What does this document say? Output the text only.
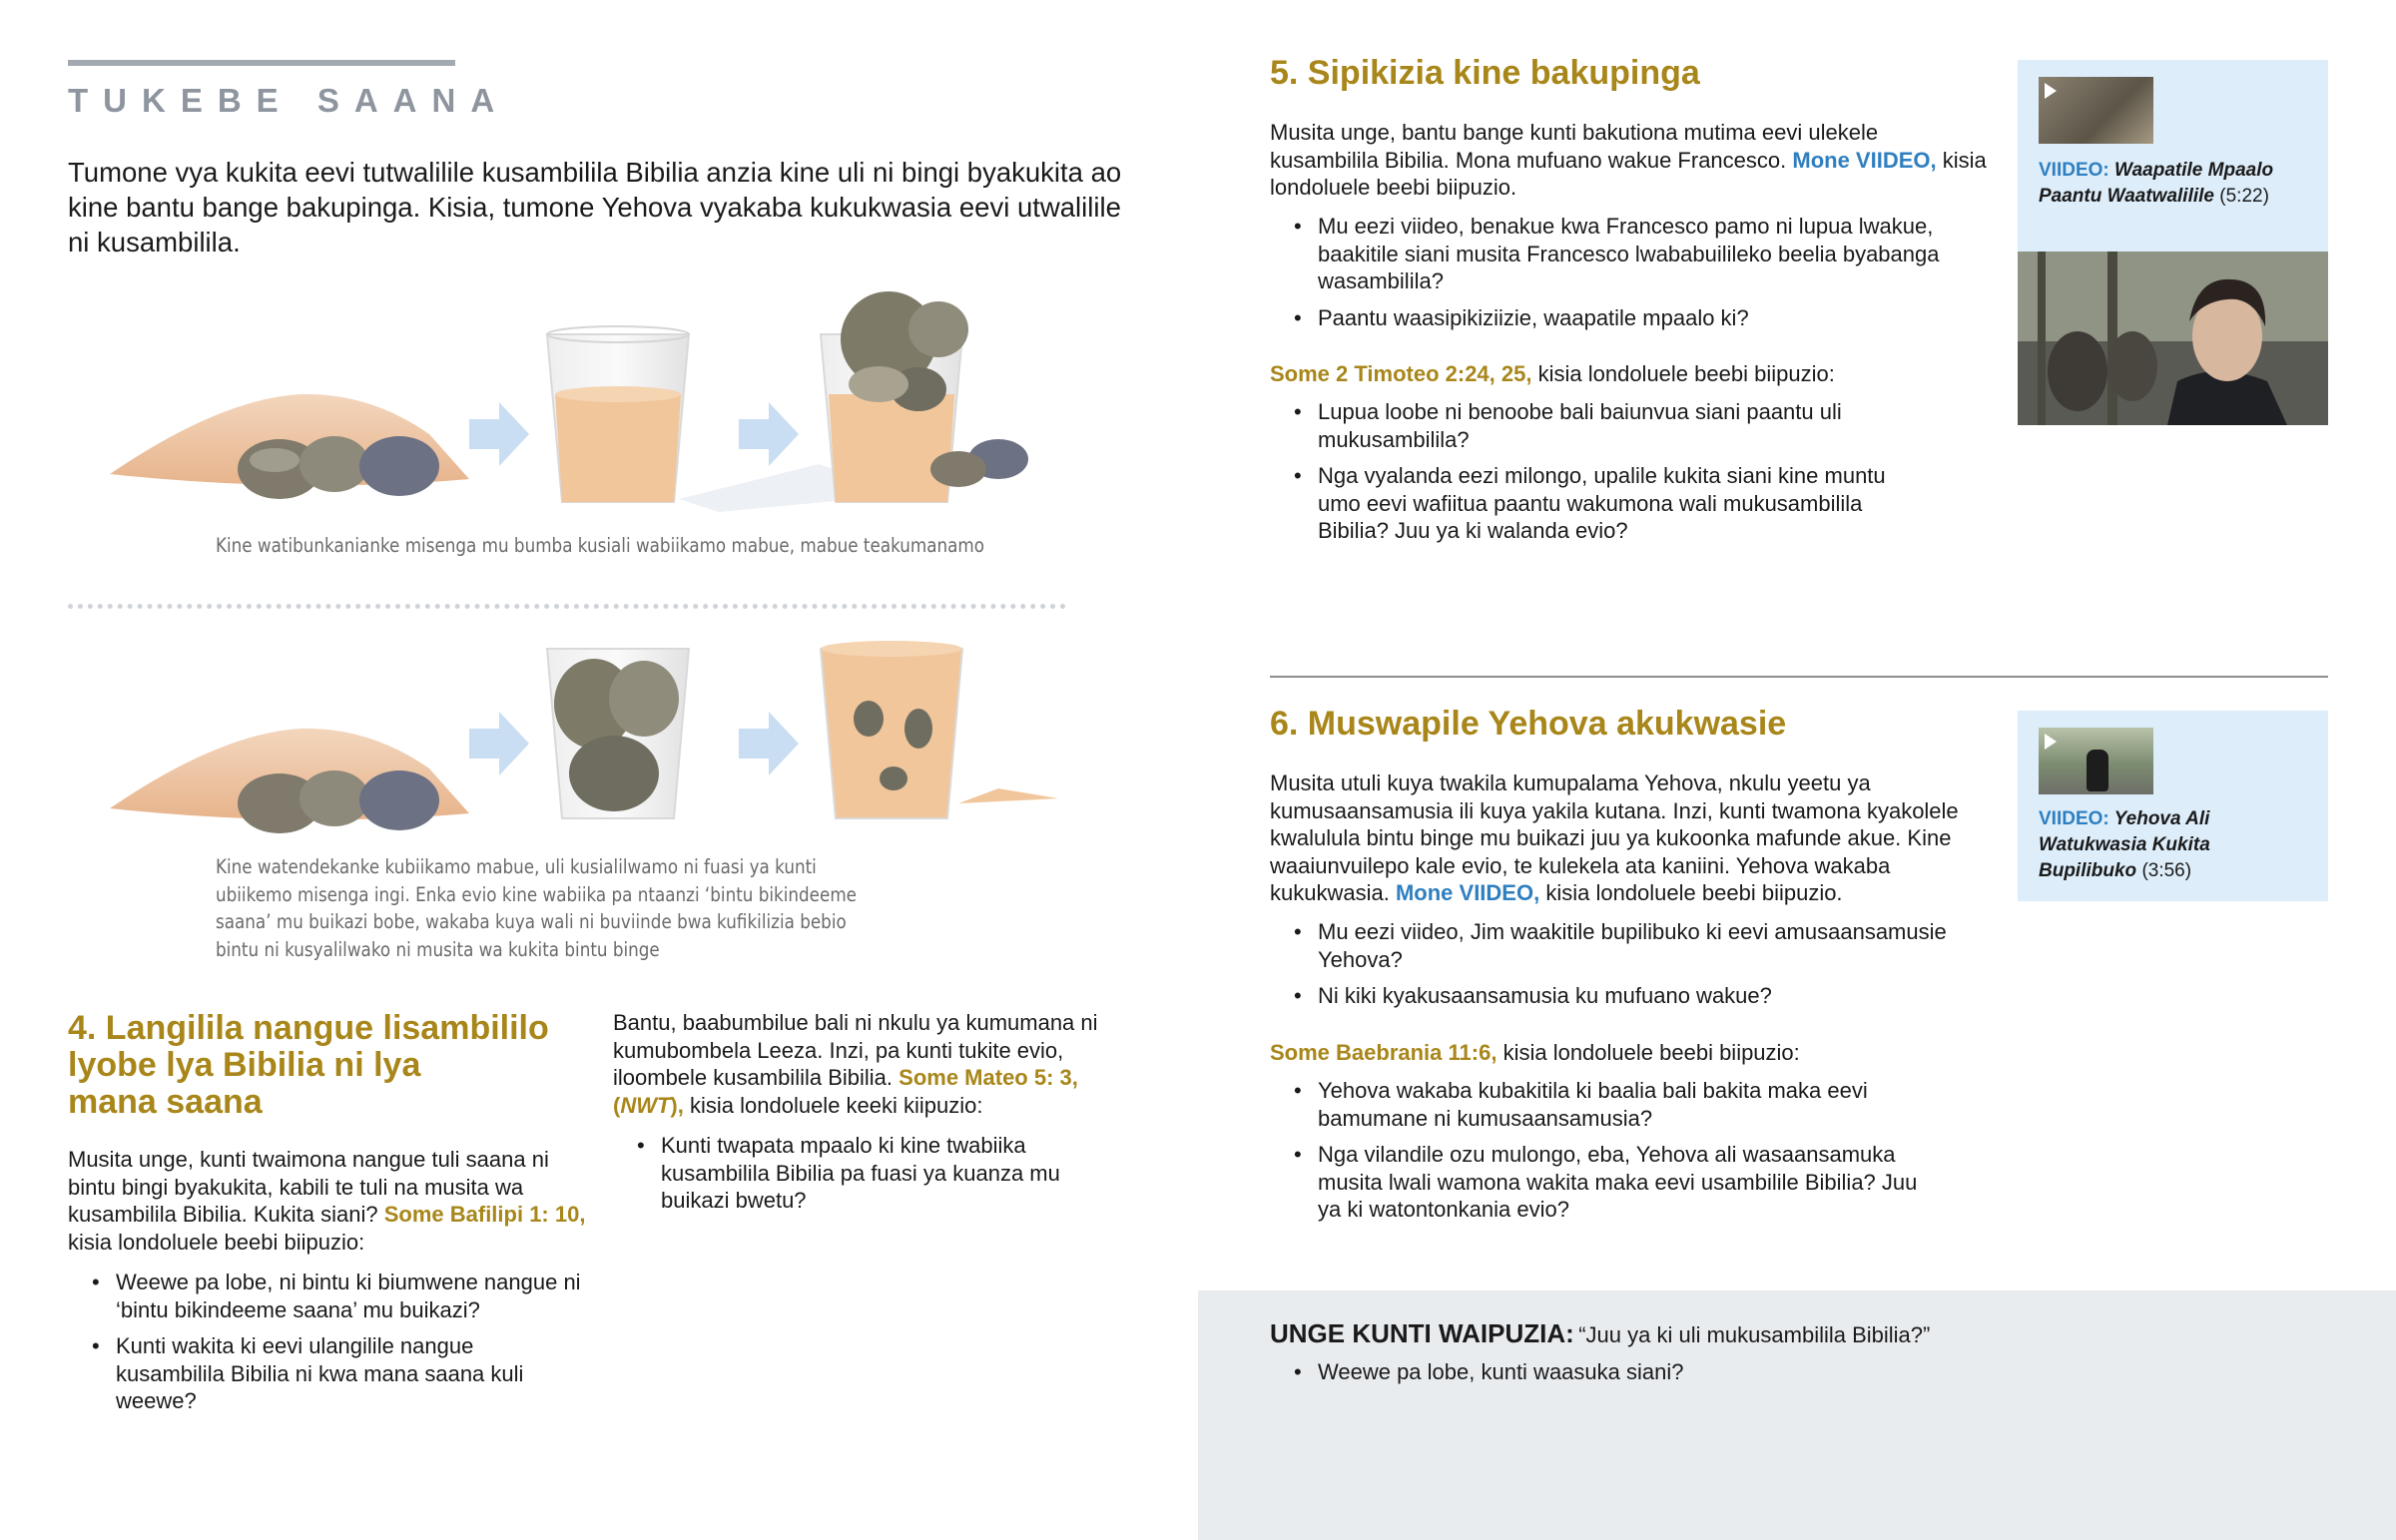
TUKEBE SAANA
Tumone vya kukita eevi tutwalilile kusambilila Bibilia anzia kine uli ni bingi byakukita ao kine bantu bange bakupinga. Kisia, tumone Yehova vyakaba kukukwasia eevi utwalilile ni kusambilila.
Kine watibunkanianke misenga mu bumba kusiali wabiikamo mabue, mabue teakumanamo
Kine watendekanke kubiikamo mabue, uli kusialilwamo ni fuasi ya kunti
ubiikemo misenga ingi. Enka evio kine wabiika pa ntaanzi ‘bintu bikindeeme
saana’ mu buikazi bobe, wakaba kuya wali ni buviinde bwa kufikilizia bebio
bintu ni kusyalilwako ni musita wa kukita bintu binge
4. Langilila nangue lisambililo
lyobe lya Bibilia ni lya
mana saana
Musita unge, kunti twaimona nangue tuli saana ni bintu bingi byakukita, kabili te tuli na musita wa kusambilila Bibilia. Kukita siani? Some Bafilipi 1: 10, kisia londoluele beebi biipuzio:
• Weewe pa lobe, ni bintu ki biumwene nangue ni ‘bintu bikindeeme saana’ mu buikazi?
• Kunti wakita ki eevi ulangilile nangue kusambilila Bibilia ni kwa mana saana kuli weewe?
Bantu, baabumbilue bali ni nkulu ya kumumana ni kumubombela Leeza. Inzi, pa kunti tukite evio, iloombele kusambilila Bibilia. Some Mateo 5: 3, (NWT), kisia londoluele keeki kiipuzio:
• Kunti twapata mpaalo ki kine twabiika kusambilila Bibilia pa fuasi ya kuanza mu buikazi bwetu?
5. Sipikizia kine bakupinga
Musita unge, bantu bange kunti bakutiona mutima eevi ulekele kusambilila Bibilia. Mona mufuano wakue Francesco. Mone VIIDEO, kisia londoluele beebi biipuzio.
• Mu eezi viideo, benakue kwa Francesco pamo ni lupua lwakue, baakitile siani musita Francesco lwababuilileko beelia byabanga wasambilila?
• Paantu waasipikiziizie, waapatile mpaalo ki?
Some 2 Timoteo 2:24, 25, kisia londoluele beebi biipuzio:
• Lupua loobe ni benoobe bali baiunvua siani paantu uli mukusambilila?
• Nga vyalanda eezi milongo, upalile kukita siani kine muntu umo eevi wafiitua paantu wakumona wali mukusambilila Bibilia? Juu ya ki walanda evio?
VIIDEO: Waapatile Mpaalo Paantu Waatwalilile (5:22)
6. Muswapile Yehova akukwasie
Musita utuli kuya twakila kumupalama Yehova, nkulu yeetu ya kumusaansamusia ili kuya yakila kutana. Inzi, kunti twamona kyakolele kwalulula bintu binge mu buikazi juu ya kukoonka mafunde akue. Kine waaiunvuilepo kale evio, te kulekela ata kaniini. Yehova wakaba kukukwasia. Mone VIIDEO, kisia londoluele beebi biipuzio.
• Mu eezi viideo, Jim waakitile bupilibuko ki eevi amusaansamusie Yehova?
• Ni kiki kyakusaansamusia ku mufuano wakue?
Some Baebrania 11:6, kisia londoluele beebi biipuzio:
• Yehova wakaba kubakitila ki baalia bali bakita maka eevi bamumane ni kumusaansamusia?
• Nga vilandile ozu mulongo, eba, Yehova ali wasaansamuka musita lwali wamona wakita maka eevi usambilile Bibilia? Juu ya ki watontonkania evio?
VIIDEO: Yehova Ali Watukwasia Kukita Bupilibuko (3:56)
UNGE KUNTI WAIPUZIA: “Juu ya ki uli mukusambilila Bibilia?”
• Weewe pa lobe, kunti waasuka siani?
